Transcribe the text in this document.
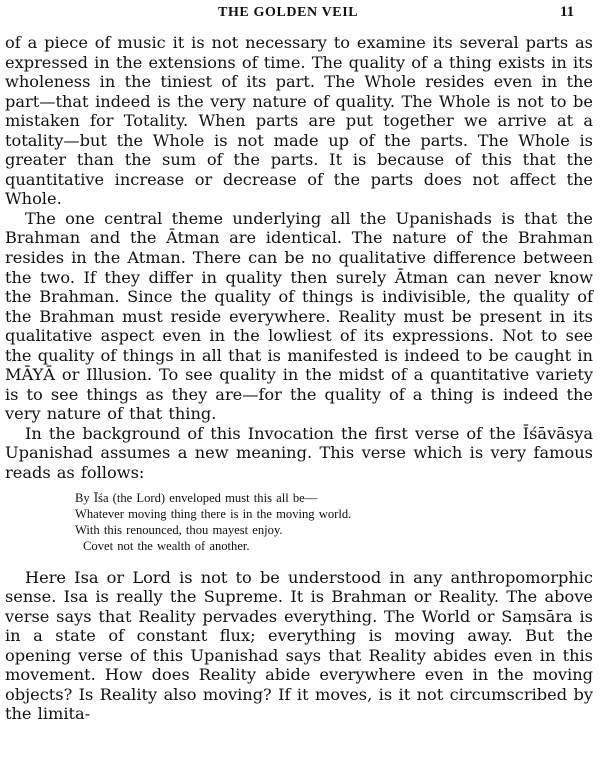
THE GOLDEN VEIL	11

of a piece of music it is not necessary to examine its several parts as expressed in the extensions of time. The quality of a thing exists in its wholeness in the tiniest of its part. The Whole resides even in the part—that indeed is the very nature of quality. The Whole is not to be mistaken for Totality. When parts are put together we arrive at a totality—but the Whole is not made up of the parts. The Whole is greater than the sum of the parts. It is because of this that the quantitative increase or decrease of the parts does not affect the Whole.

The one central theme underlying all the Upanishads is that the Brahman and the Ātman are identical. The nature of the Brahman resides in the Atman. There can be no qualitative difference between the two. If they differ in quality then surely Ātman can never know the Brahman. Since the quality of things is indivisible, the quality of the Brahman must reside everywhere. Reality must be present in its qualitative aspect even in the lowliest of its expressions. Not to see the quality of things in all that is manifested is indeed to be caught in MĀYĀ or Illusion. To see quality in the midst of a quantitative variety is to see things as they are—for the quality of a thing is indeed the very nature of that thing.

In the background of this Invocation the first verse of the Īśāvāsya Upanishad assumes a new meaning. This verse which is very famous reads as follows:

By Īśa (the Lord) enveloped must this all be—
Whatever moving thing there is in the moving world.
With this renounced, thou mayest enjoy.
Covet not the wealth of another.

Here Isa or Lord is not to be understood in any anthropomorphic sense. Isa is really the Supreme. It is Brahman or Reality. The above verse says that Reality pervades everything. The World or Saṃsāra is in a state of constant flux; everything is moving away. But the opening verse of this Upanishad says that Reality abides even in this movement. How does Reality abide everywhere even in the moving objects? Is Reality also moving? If it moves, is it not circumscribed by the limita-
